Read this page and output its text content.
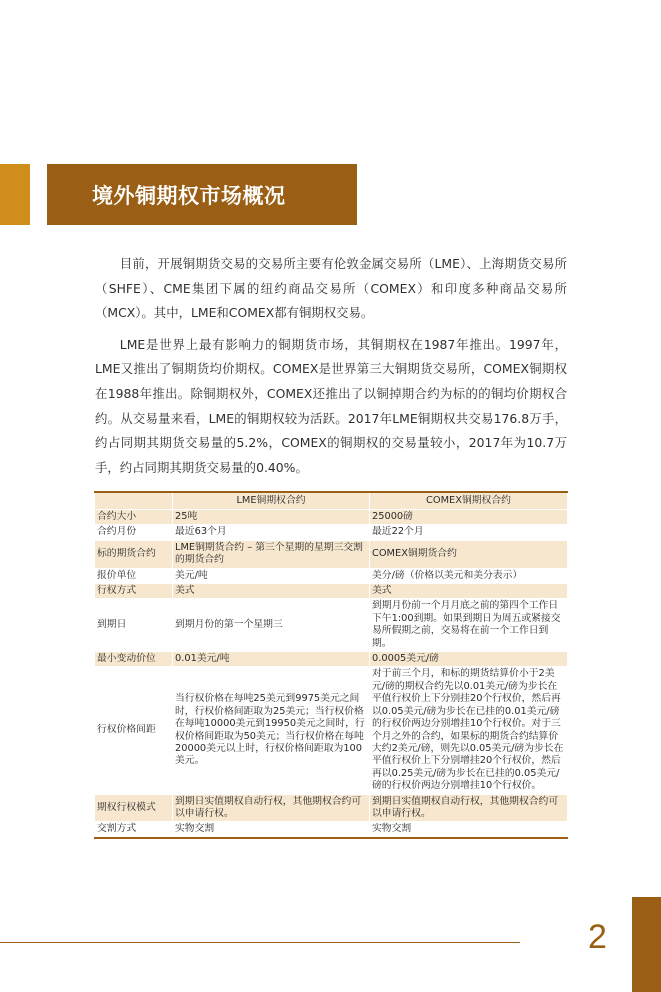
境外铜期权市场概况

目前，开展铜期货交易的交易所主要有伦敦金属交易所（LME）、上海期货交易所（SHFE）、CME集团下属的纽约商品交易所（COMEX）和印度多种商品交易所（MCX）。其中，LME和COMEX都有铜期权交易。

LME是世界上最有影响力的铜期货市场，其铜期权在1987年推出。1997年，LME又推出了铜期货均价期权。COMEX是世界第三大铜期货交易所，COMEX铜期权在1988年推出。除铜期权外，COMEX还推出了以铜掉期合约为标的的铜均价期权合约。从交易量来看，LME的铜期权较为活跃。2017年LME铜期权共交易176.8万手，约占同期其期货交易量的5.2%，COMEX的铜期权的交易量较小，2017年为10.7万手，约占同期其期货交易量的0.40%。

	LME铜期权合约	COMEX铜期权合约
合约大小	25吨	25000磅
合约月份	最近63个月	最近22个月
标的期货合约	LME铜期货合约 – 第三个星期的星期三交割的期货合约	COMEX铜期货合约
报价单位	美元/吨	美分/磅（价格以美元和美分表示）
行权方式	美式	美式
到期日	到期月份的第一个星期三	到期月份前一个月月底之前的第四个工作日下午1:00到期。如果到期日为周五或紧接交易所假期之前，交易将在前一个工作日到期。
最小变动价位	0.01美元/吨	0.0005美元/磅
行权价格间距	当行权价格在每吨25美元到9975美元之间时，行权价格间距取为25美元；当行权价格在每吨10000美元到19950美元之间时，行权价格间距取为50美元；当行权价格在每吨20000美元以上时，行权价格间距取为100美元。	对于前三个月，和标的期货结算价小于2美元/磅的期权合约先以0.01美元/磅为步长在平值行权价上下分别挂20个行权价，然后再以0.05美元/磅为步长在已挂的0.01美元/磅的行权价两边分别增挂10个行权价。对于三个月之外的合约，如果标的期货合约结算价大约2美元/磅，则先以0.05美元/磅为步长在平值行权价上下分别增挂20个行权价，然后再以0.25美元/磅为步长在已挂的0.05美元/磅的行权价两边分别增挂10个行权价。
期权行权模式	到期日实值期权自动行权，其他期权合约可以申请行权。	到期日实值期权自动行权，其他期权合约可以申请行权。
交割方式	实物交割	实物交割
2
